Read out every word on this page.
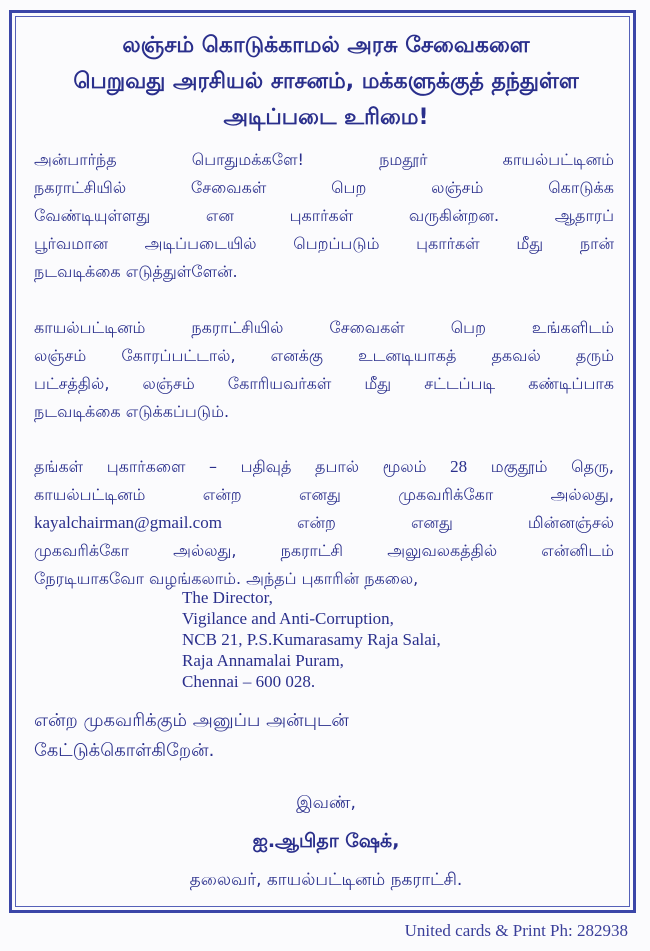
லஞ்சம் கொடுக்காமல் அரசு சேவைகளை
பெறுவது அரசியல் சாசனம், மக்களுக்குத் தந்துள்ள
அடிப்படை உரிமை!
அன்பார்ந்த	பொதுமக்களே!	நமதூர்	காயல்பட்டினம்
நகராட்சியில்	சேவைகள்	பெற	லஞ்சம்	கொடுக்க
வேண்டியுள்ளது	என	புகார்கள்	வருகின்றன.	ஆதாரப்
பூர்வமான அடிப்படையில் பெறப்படும் புகார்கள் மீது நான்
நடவடிக்கை எடுத்துள்ளேன்.
காயல்பட்டினம்	நகராட்சியில்	சேவைகள்	பெற	உங்களிடம்
லஞ்சம் கோரப்பட்டால், எனக்கு உடனடியாகத் தகவல் தரும்
பட்சத்தில், லஞ்சம் கோரியவர்கள் மீது சட்டப்படி கண்டிப்பாக
நடவடிக்கை எடுக்கப்படும்.
தங்கள் புகார்களை – பதிவுத் தபால் மூலம் 28 மகுதூம் தெரு,
காயல்பட்டினம்	என்ற	எனது	முகவரிக்கோ	அல்லது,
kayalchairman@gmail.com	என்ற	எனது	மின்னஞ்சல்
முகவரிக்கோ	அல்லது,	நகராட்சி	அலுவலகத்தில்	என்னிடம்
நேரடியாகவோ வழங்கலாம். அந்தப் புகாரின் நகலை,
The Director,
Vigilance and Anti-Corruption,
NCB 21, P.S.Kumarasamy Raja Salai,
Raja Annamalai Puram,
Chennai – 600 028.
என்ற முகவரிக்கும் அனுப்ப அன்புடன்
கேட்டுக்கொள்கிறேன்.
இவண்,
ஐ.ஆபிதா ஷேக்,
தலைவர், காயல்பட்டினம் நகராட்சி.
United cards & Print Ph: 282938
